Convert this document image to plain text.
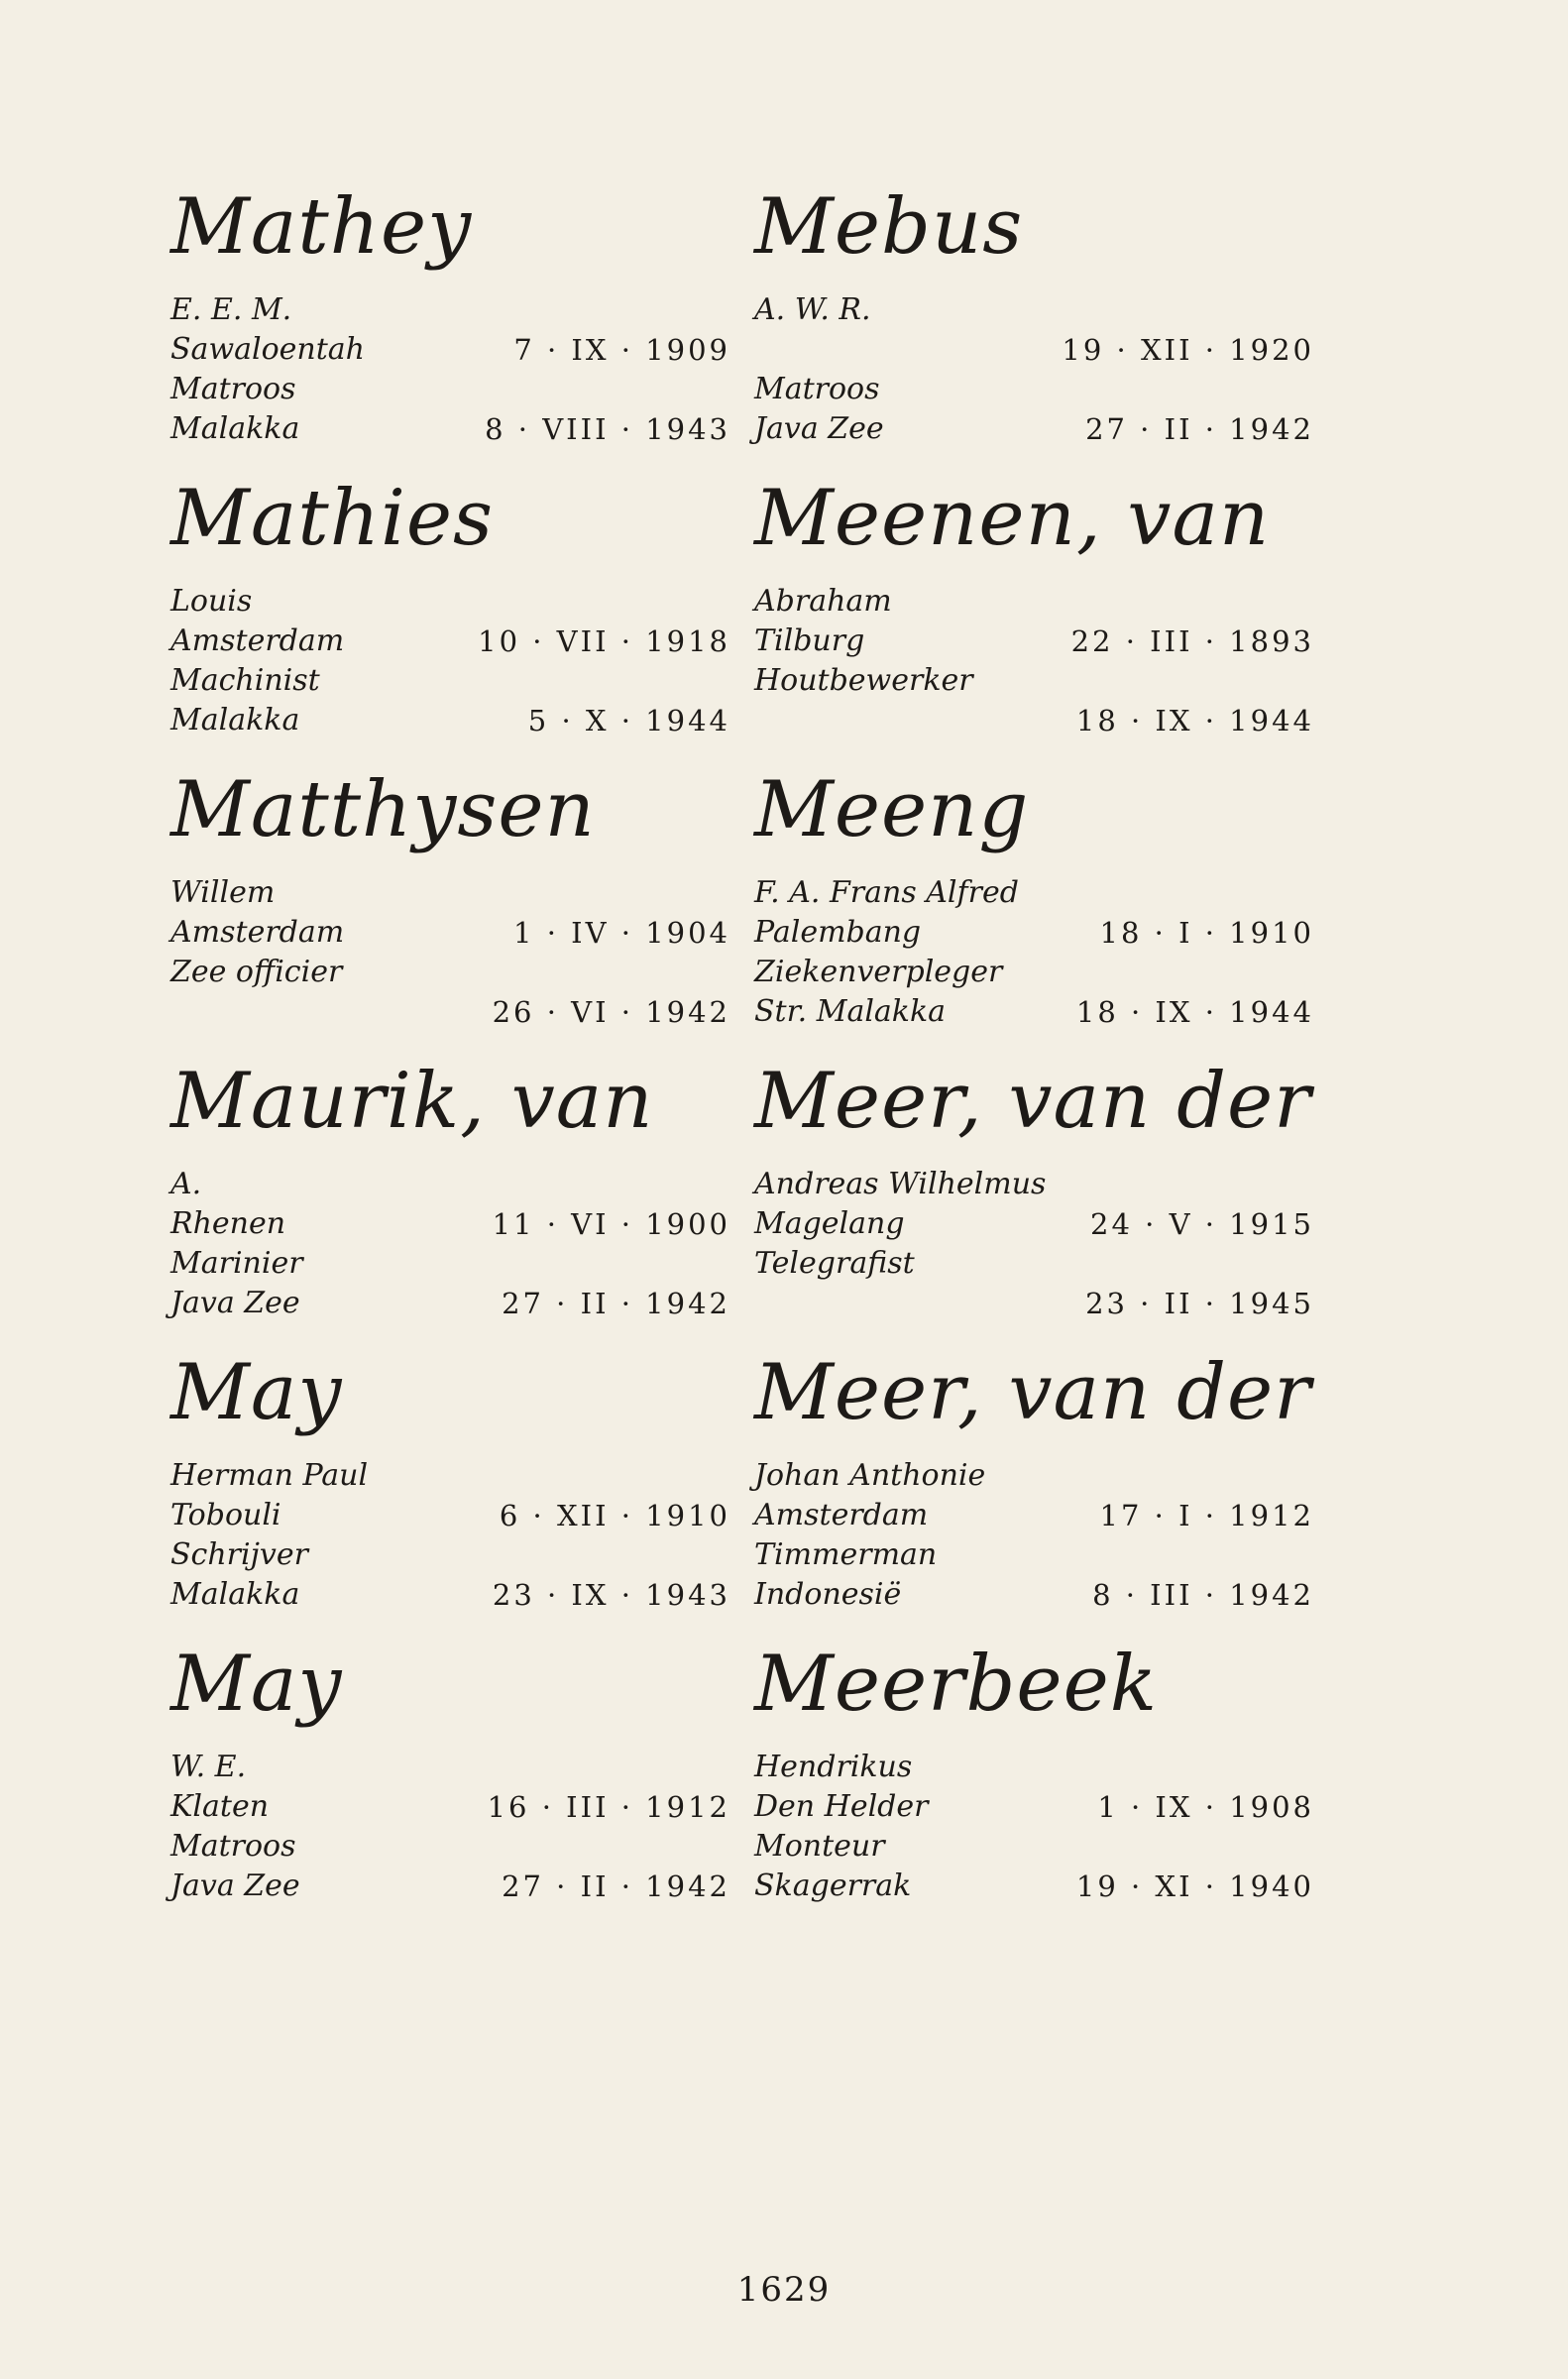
Mathey
E. E. M.
Sawaloentah	7 · IX · 1909
Matroos
Malakka	8 · VIII · 1943
Mathies
Louis
Amsterdam	10 · VII · 1918
Machinist
Malakka	5 · X · 1944
Matthysen
Willem
Amsterdam	1 · IV · 1904
Zee officier
26 · VI · 1942
Maurik, van
A.
Rhenen	11 · VI · 1900
Marinier
Java Zee	27 · II · 1942
May
Herman Paul
Tobouli	6 · XII · 1910
Schrijver
Malakka	23 · IX · 1943
May
W. E.
Klaten	16 · III · 1912
Matroos
Java Zee	27 · II · 1942
Mebus
A. W. R.
19 · XII · 1920
Matroos
Java Zee	27 · II · 1942
Meenen, van
Abraham
Tilburg	22 · III · 1893
Houtbewerker
18 · IX · 1944
Meeng
F. A. Frans Alfred
Palembang	18 · I · 1910
Ziekenverpleger
Str. Malakka	18 · IX · 1944
Meer, van der
Andreas Wilhelmus
Magelang	24 · V · 1915
Telegrafist
23 · II · 1945
Meer, van der
Johan Anthonie
Amsterdam	17 · I · 1912
Timmerman
Indonesië	8 · III · 1942
Meerbeek
Hendrikus
Den Helder	1 · IX · 1908
Monteur
Skagerrak	19 · XI · 1940
1629
